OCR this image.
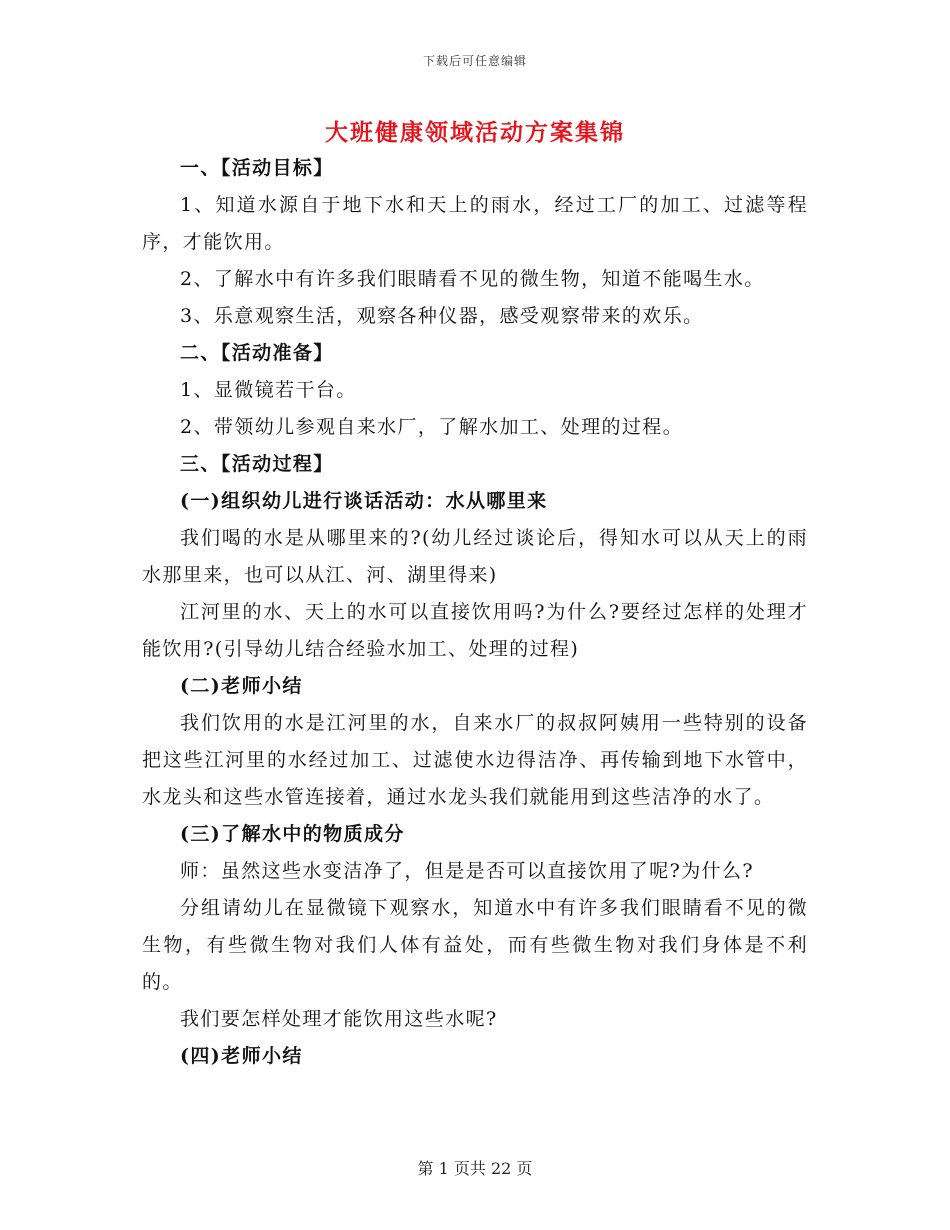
下载后可任意编辑
大班健康领域活动方案集锦

一、【活动目标】

1、知道水源自于地下水和天上的雨水，经过工厂的加工、过滤等程序，才能饮用。

2、了解水中有许多我们眼睛看不见的微生物，知道不能喝生水。

3、乐意观察生活，观察各种仪器，感受观察带来的欢乐。

二、【活动准备】

1、显微镜若干台。

2、带领幼儿参观自来水厂，了解水加工、处理的过程。

三、【活动过程】

(一)组织幼儿进行谈话活动：水从哪里来

我们喝的水是从哪里来的?(幼儿经过谈论后，得知水可以从天上的雨水那里来，也可以从江、河、湖里得来)

江河里的水、天上的水可以直接饮用吗?为什么?要经过怎样的处理才能饮用?(引导幼儿结合经验水加工、处理的过程)

(二)老师小结

我们饮用的水是江河里的水，自来水厂的叔叔阿姨用一些特别的设备把这些江河里的水经过加工、过滤使水边得洁净、再传输到地下水管中，水龙头和这些水管连接着，通过水龙头我们就能用到这些洁净的水了。

(三)了解水中的物质成分

师：虽然这些水变洁净了，但是是否可以直接饮用了呢?为什么?

分组请幼儿在显微镜下观察水，知道水中有许多我们眼睛看不见的微生物，有些微生物对我们人体有益处，而有些微生物对我们身体是不利的。

我们要怎样处理才能饮用这些水呢?

(四)老师小结

第 1 页共 22 页
